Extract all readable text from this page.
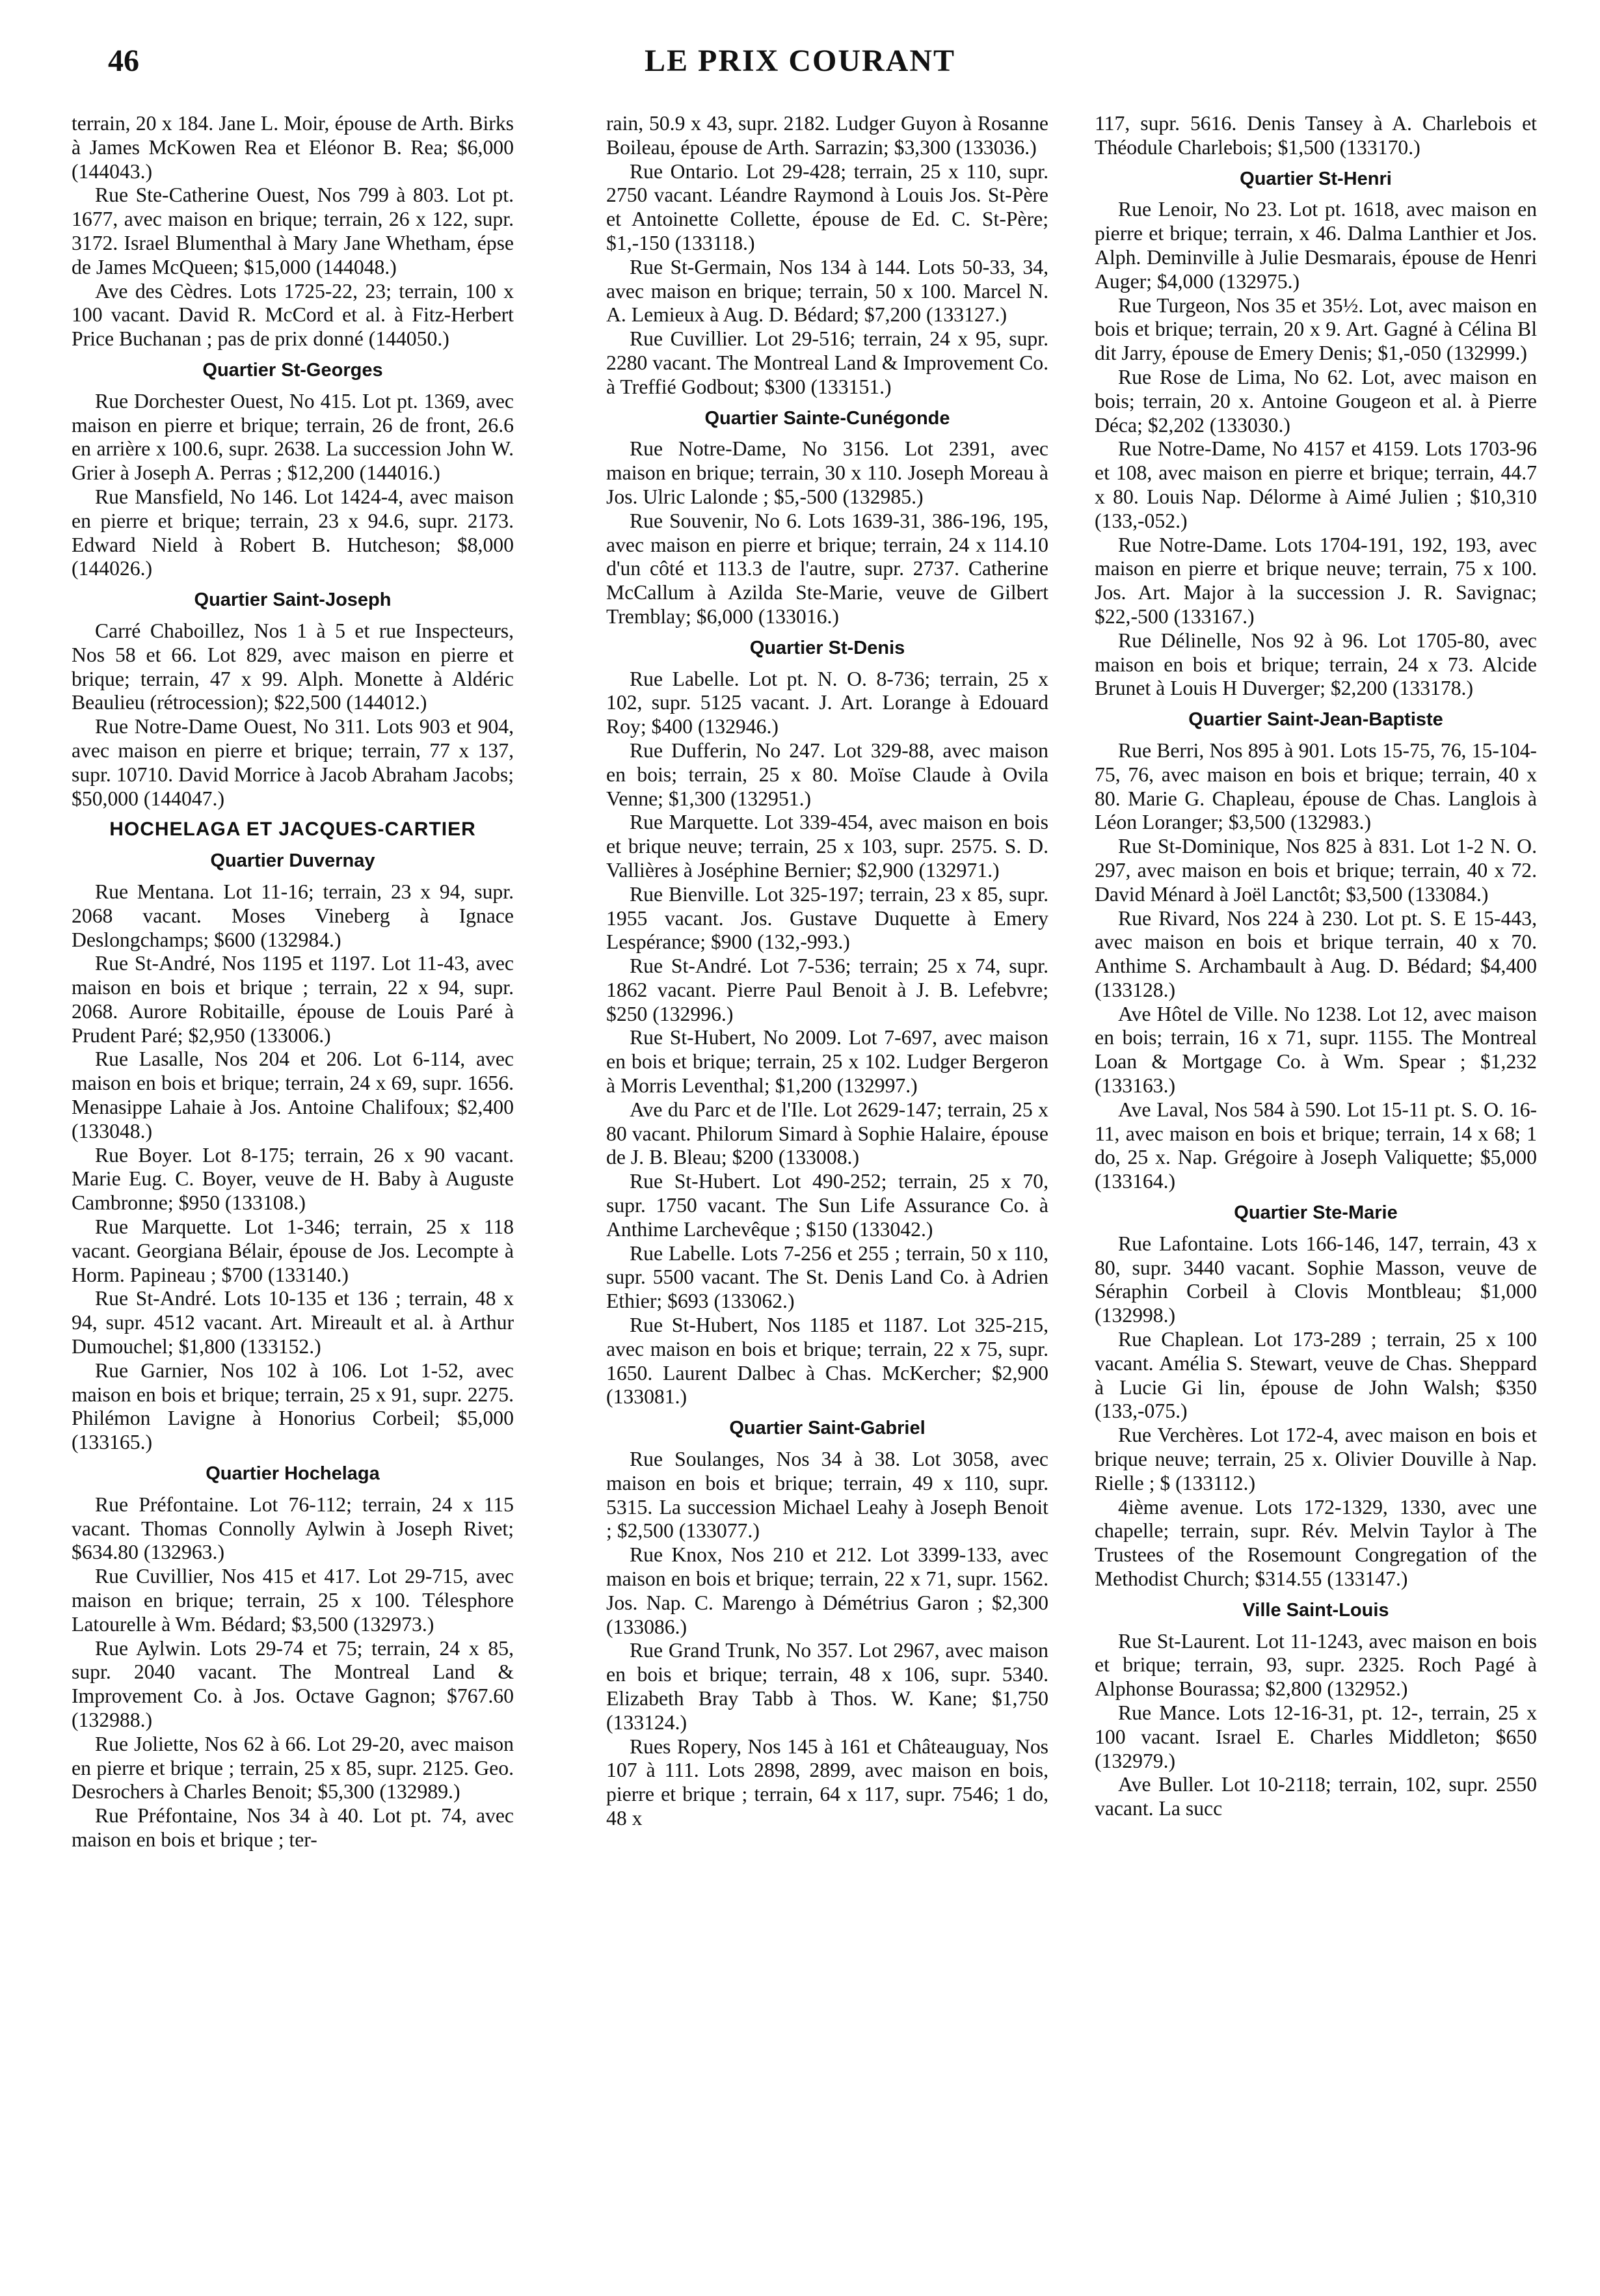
LE PRIX COURANT
46

terrain, 20 x 184. Jane L. Moir, épouse de Arth. Birks à James McKowen Rea et Eléonor B. Rea; $6,000 (144043.)

Rue Ste-Catherine Ouest, Nos 799 à 803. Lot pt. 1677, avec maison en brique; terrain, 26 x 122, supr. 3172. Israel Blumenthal à Mary Jane Whetham, épse de James McQueen; $15,000 (144048.)

Ave des Cèdres. Lots 1725-22, 23; terrain, 100 x 100 vacant. David R. McCord et al. à Fitz-Herbert Price Buchanan ; pas de prix donné (144050.)

Quartier St-Georges

Rue Dorchester Ouest, No 415. Lot pt. 1369, avec maison en pierre et brique; terrain, 26 de front, 26.6 en arrière x 100.6, supr. 2638. La succession John W. Grier à Joseph A. Perras ; $12,200 (144016.)

Rue Mansfield, No 146. Lot 1424-4, avec maison en pierre et brique; terrain, 23 x 94.6, supr. 2173. Edward Nield à Robert B. Hutcheson; $8,000 (144026.)

Quartier Saint-Joseph

Carré Chaboillez, Nos 1 à 5 et rue Inspecteurs, Nos 58 et 66. Lot 829, avec maison en pierre et brique; terrain, 47 x 99. Alph. Monette à Aldéric Beaulieu (rétrocession); $22,500 (144012.)

Rue Notre-Dame Ouest, No 311. Lots 903 et 904, avec maison en pierre et brique; terrain, 77 x 137, supr. 10710. David Morrice à Jacob Abraham Jacobs; $50,000 (144047.)

HOCHELAGA ET JACQUES-CARTIER
Quartier Duvernay

Rue Mentana. Lot 11-16; terrain, 23 x 94, supr. 2068 vacant. Moses Vineberg à Ignace Deslongchamps; $600 (132984.)

Rue St-André, Nos 1195 et 1197. Lot 11-43, avec maison en bois et brique ; terrain, 22 x 94, supr. 2068. Aurore Robitaille, épouse de Louis Paré à Prudent Paré; $2,950 (133006.)

Rue Lasalle, Nos 204 et 206. Lot 6-114, avec maison en bois et brique; terrain, 24 x 69, supr. 1656. Menasippe Lahaie à Jos. Antoine Chalifoux; $2,400 (133048.)

Rue Boyer. Lot 8-175; terrain, 26 x 90 vacant. Marie Eug. C. Boyer, veuve de H. Baby à Auguste Cambronne; $950 (133108.)

Rue Marquette. Lot 1-346; terrain, 25 x 118 vacant. Georgiana Bélair, épouse de Jos. Lecompte à Horm. Papineau ; $700 (133140.)

Rue St-André. Lots 10-135 et 136 ; terrain, 48 x 94, supr. 4512 vacant. Art. Mireault et al. à Arthur Dumouchel; $1,800 (133152.)

Rue Garnier, Nos 102 à 106. Lot 1-52, avec maison en bois et brique; terrain, 25 x 91, supr. 2275. Philémon Lavigne à Honorius Corbeil; $5,000 (133165.)

Quartier Hochelaga

Rue Préfontaine. Lot 76-112; terrain, 24 x 115 vacant. Thomas Connolly Aylwin à Joseph Rivet; $634.80 (132963.)

Rue Cuvillier, Nos 415 et 417. Lot 29-715, avec maison en brique; terrain, 25 x 100. Télesphore Latourelle à Wm. Bédard; $3,500 (132973.)

Rue Aylwin. Lots 29-74 et 75; terrain, 24 x 85, supr. 2040 vacant. The Montreal Land & Improvement Co. à Jos. Octave Gagnon; $767.60 (132988.)

Rue Joliette, Nos 62 à 66. Lot 29-20, avec maison en pierre et brique ; terrain, 25 x 85, supr. 2125. Geo. Desrochers à Charles Benoit; $5,300 (132989.)

Rue Préfontaine, Nos 34 à 40. Lot pt. 74, avec maison en bois et brique ; ter-

rain, 50.9 x 43, supr. 2182. Ludger Guyon à Rosanne Boileau, épouse de Arth. Sarrazin; $3,300 (133036.)

Rue Ontario. Lot 29-428; terrain, 25 x 110, supr. 2750 vacant. Léandre Raymond à Louis Jos. St-Père et Antoinette Collette, épouse de Ed. C. St-Père; $1,-150 (133118.)

Rue St-Germain, Nos 134 à 144. Lots 50-33, 34, avec maison en brique; terrain, 50 x 100. Marcel N. A. Lemieux à Aug. D. Bédard; $7,200 (133127.)

Rue Cuvillier. Lot 29-516; terrain, 24 x 95, supr. 2280 vacant. The Montreal Land & Improvement Co. à Treffié Godbout; $300 (133151.)

Quartier Sainte-Cunégonde

Rue Notre-Dame, No 3156. Lot 2391, avec maison en brique; terrain, 30 x 110. Joseph Moreau à Jos. Ulric Lalonde ; $5,-500 (132985.)

Rue Souvenir, No 6. Lots 1639-31, 386-196, 195, avec maison en pierre et brique; terrain, 24 x 114.10 d'un côté et 113.3 de l'autre, supr. 2737. Catherine McCallum à Azilda Ste-Marie, veuve de Gilbert Tremblay; $6,000 (133016.)

Quartier St-Denis

Rue Labelle. Lot pt. N. O. 8-736; terrain, 25 x 102, supr. 5125 vacant. J. Art. Lorange à Edouard Roy; $400 (132946.)

Rue Dufferin, No 247. Lot 329-88, avec maison en bois; terrain, 25 x 80. Moïse Claude à Ovila Venne; $1,300 (132951.)

Rue Marquette. Lot 339-454, avec maison en bois et brique neuve; terrain, 25 x 103, supr. 2575. S. D. Vallières à Joséphine Bernier; $2,900 (132971.)

Rue Bienville. Lot 325-197; terrain, 23 x 85, supr. 1955 vacant. Jos. Gustave Duquette à Emery Lespérance; $900 (132,-993.)

Rue St-André. Lot 7-536; terrain; 25 x 74, supr. 1862 vacant. Pierre Paul Benoit à J. B. Lefebvre; $250 (132996.)

Rue St-Hubert, No 2009. Lot 7-697, avec maison en bois et brique; terrain, 25 x 102. Ludger Bergeron à Morris Leventhal; $1,200 (132997.)

Ave du Parc et de l'Ile. Lot 2629-147; terrain, 25 x 80 vacant. Philorum Simard à Sophie Halaire, épouse de J. B. Bleau; $200 (133008.)

Rue St-Hubert. Lot 490-252; terrain, 25 x 70, supr. 1750 vacant. The Sun Life Assurance Co. à Anthime Larchevêque ; $150 (133042.)

Rue Labelle. Lots 7-256 et 255 ; terrain, 50 x 110, supr. 5500 vacant. The St. Denis Land Co. à Adrien Ethier; $693 (133062.)

Rue St-Hubert, Nos 1185 et 1187. Lot 325-215, avec maison en bois et brique; terrain, 22 x 75, supr. 1650. Laurent Dalbec à Chas. McKercher; $2,900 (133081.)

Quartier Saint-Gabriel

Rue Soulanges, Nos 34 à 38. Lot 3058, avec maison en bois et brique; terrain, 49 x 110, supr. 5315. La succession Michael Leahy à Joseph Benoit ; $2,500 (133077.)

Rue Knox, Nos 210 et 212. Lot 3399-133, avec maison en bois et brique; terrain, 22 x 71, supr. 1562. Jos. Nap. C. Marengo à Démétrius Garon ; $2,300 (133086.)

Rue Grand Trunk, No 357. Lot 2967, avec maison en bois et brique; terrain, 48 x 106, supr. 5340. Elizabeth Bray Tabb à Thos. W. Kane; $1,750 (133124.)

Rues Ropery, Nos 145 à 161 et Châteauguay, Nos 107 à 111. Lots 2898, 2899, avec maison en bois, pierre et brique ; terrain, 64 x 117, supr. 7546; 1 do, 48 x

117, supr. 5616. Denis Tansey à A. Charlebois et Théodule Charlebois; $1,500 (133170.)

Quartier St-Henri

Rue Lenoir, No 23. Lot pt. 1618, avec maison en pierre et brique; terrain, x 46. Dalma Lanthier et Jos. Alph. Deminville à Julie Desmarais, épouse de Henri Auger; $4,000 (132975.)

Rue Turgeon, Nos 35 et 35½. Lot, avec maison en bois et brique; terrain, 20 x 9. Art. Gagné à Célina Bl dit Jarry, épouse de Emery Denis; $1,-050 (132999.)

Rue Rose de Lima, No 62. Lot, avec maison en bois; terrain, 20 x. Antoine Gougeon et al. à Pierre Déca; $2,202 (133030.)

Rue Notre-Dame, No 4157 et 4159. Lots 1703-96 et 108, avec maison en pierre et brique; terrain, 44.7 x 80. Louis Nap. Délorme à Aimé Julien ; $10,310 (133,-052.)

Rue Notre-Dame. Lots 1704-191, 192, 193, avec maison en pierre et brique neuve; terrain, 75 x 100. Jos. Art. Major à la succession J. R. Savignac; $22,-500 (133167.)

Rue Délinelle, Nos 92 à 96. Lot 1705-80, avec maison en bois et brique; terrain, 24 x 73. Alcide Brunet à Louis H Duverger; $2,200 (133178.)

Quartier Saint-Jean-Baptiste

Rue Berri, Nos 895 à 901. Lots 15-75, 76, 15-104-75, 76, avec maison en bois et brique; terrain, 40 x 80. Marie G. Chapleau, épouse de Chas. Langlois à Léon Loranger; $3,500 (132983.)

Rue St-Dominique, Nos 825 à 831. Lot 1-2 N. O. 297, avec maison en bois et brique; terrain, 40 x 72. David Ménard à Joël Lanctôt; $3,500 (133084.)

Rue Rivard, Nos 224 à 230. Lot pt. S. E 15-443, avec maison en bois et brique terrain, 40 x 70. Anthime S. Archambault à Aug. D. Bédard; $4,400 (133128.)

Ave Hôtel de Ville. No 1238. Lot 12, avec maison en bois; terrain, 16 x 71, supr. 1155. The Montreal Loan & Mortgage Co. à Wm. Spear ; $1,232 (133163.)

Ave Laval, Nos 584 à 590. Lot 15-11 pt. S. O. 16-11, avec maison en bois et brique; terrain, 14 x 68; 1 do, 25 x. Nap. Grégoire à Joseph Valiquette; $5,000 (133164.)

Quartier Ste-Marie

Rue Lafontaine. Lots 166-146, 147, terrain, 43 x 80, supr. 3440 vacant. Sophie Masson, veuve de Séraphin Corbeil à Clovis Montbleau; $1,000 (132998.)

Rue Chaplean. Lot 173-289 ; terrain, 25 x 100 vacant. Amélia S. Stewart, veuve de Chas. Sheppard à Lucie Gi lin, épouse de John Walsh; $350 (133,-075.)

Rue Verchères. Lot 172-4, avec maison en bois et brique neuve; terrain, 25 x. Olivier Douville à Nap. Rielle ; $ (133112.)

4ième avenue. Lots 172-1329, 1330, avec une chapelle; terrain, supr. Rév. Melvin Taylor à The Trustees of the Rosemount Congregation of the Methodist Church; $314.55 (133147.)

Ville Saint-Louis

Rue St-Laurent. Lot 11-1243, avec maison en bois et brique; terrain, 93, supr. 2325. Roch Pagé à Alphonse Bourassa; $2,800 (132952.)

Rue Mance. Lots 12-16-31, pt. 12-, terrain, 25 x 100 vacant. Israel E. Charles Middleton; $650 (132979.)

Ave Buller. Lot 10-2118; terrain, 102, supr. 2550 vacant. La succ
